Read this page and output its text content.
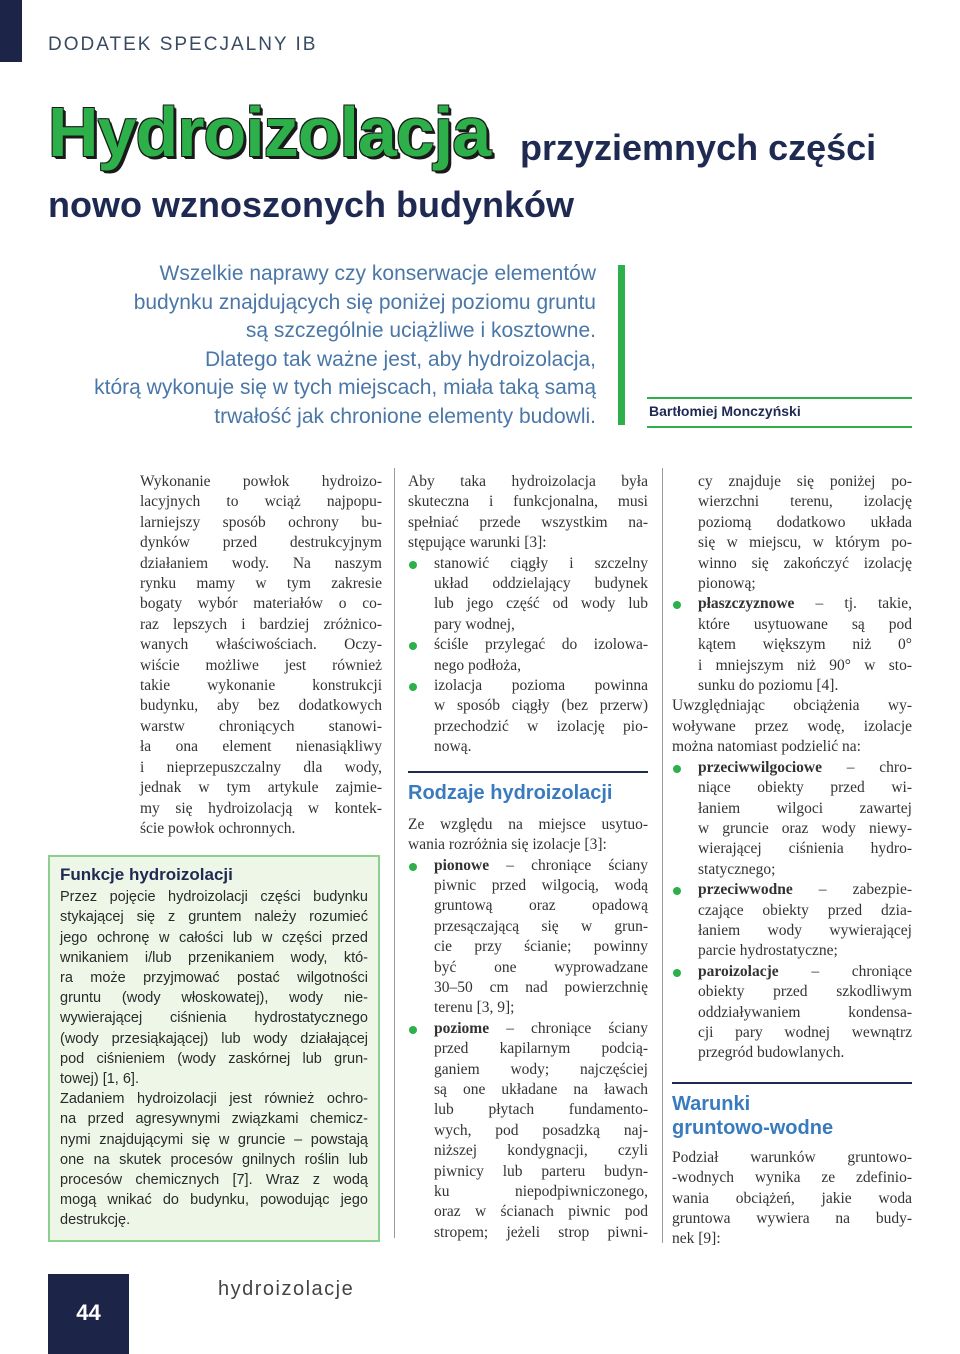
DODATEK SPECJALNY IB
Hydroizolacja przyziemnych części
nowo wznoszonych budynków
Wszelkie naprawy czy konserwacje elementów
budynku znajdujących się poniżej poziomu gruntu
są szczególnie uciążliwe i kosztowne.
Dlatego tak ważne jest, aby hydroizolacja,
którą wykonuje się w tych miejscach, miała taką samą
trwałość jak chronione elementy budowli.	Bartłomiej Monczyński
Wykonanie powłok hydroizo-
lacyjnych to wciąż najpopu-
larniejszy sposób ochrony bu-
dynków przed destrukcyjnym
działaniem wody. Na naszym
rynku mamy w tym zakresie
bogaty wybór materiałów o co-
raz lepszych i bardziej zróżnico-
wanych właściwościach. Oczy-
wiście możliwe jest również
takie wykonanie konstrukcji
budynku, aby bez dodatkowych
warstw chroniących stanowi-
ła ona element nienasiąkliwy
i nieprzepuszczalny dla wody,
jednak w tym artykule zajmie-
my się hydroizolacją w kontek-
ście powłok ochronnych.
Funkcje hydroizolacji
Przez pojęcie hydroizolacji części budynku
stykającej się z gruntem należy rozumieć
jego ochronę w całości lub w części przed
wnikaniem i/lub przenikaniem wody, któ-
ra może przyjmować postać wilgotności
gruntu (wody włoskowatej), wody nie-
wywierającej ciśnienia hydrostatycznego
(wody przesiąkającej) lub wody działającej
pod ciśnieniem (wody zaskórnej lub grun-
towej) [1, 6].
Zadaniem hydroizolacji jest również ochro-
na przed agresywnymi związkami chemicz-
nymi znajdującymi się w gruncie – powstają
one na skutek procesów gnilnych roślin lub
procesów chemicznych [7]. Wraz z wodą
mogą wnikać do budynku, powodując jego
destrukcję.
Aby taka hydroizolacja była
skuteczna i funkcjonalna, musi
spełniać przede wszystkim na-
stępujące warunki [3]:
stanowić ciągły i szczelny
układ oddzielający budynek
lub jego część od wody lub
pary wodnej,
ściśle przylegać do izolowa-
nego podłoża,
izolacja pozioma powinna
w sposób ciągły (bez przerw)
przechodzić w izolację pio-
nową.
Rodzaje hydroizolacji
Ze względu na miejsce usytuo-
wania rozróżnia się izolacje [3]:
pionowe – chroniące ściany
piwnic przed wilgocią, wodą
gruntową oraz opadową
przesączającą się w grun-
cie przy ścianie; powinny
być one wyprowadzane
30–50 cm nad powierzchnię
terenu [3, 9];
poziome – chroniące ściany
przed kapilarnym podcią-
ganiem wody; najczęściej
są one układane na ławach
lub płytach fundamento-
wych, pod posadzką naj-
niższej kondygnacji, czyli
piwnicy lub parteru budyn-
ku niepodpiwniczonego,
oraz w ścianach piwnic pod
stropem; jeżeli strop piwni-
cy znajduje się poniżej po-
wierzchni terenu, izolację
poziomą dodatkowo układa
się w miejscu, w którym po-
winno się zakończyć izolację
pionową;
płaszczyznowe – tj. takie,
które usytuowane są pod
kątem większym niż 0°
i mniejszym niż 90° w sto-
sunku do poziomu [4].
Uwzględniając obciążenia wy-
woływane przez wodę, izolacje
można natomiast podzielić na:
przeciwwilgociowe – chro-
niące obiekty przed wi-
łaniem wilgoci zawartej
w gruncie oraz wody niewy-
wierającej ciśnienia hydro-
statycznego;
przeciwwodne – zabezpie-
czające obiekty przed dzia-
łaniem wody wywierającej
parcie hydrostatyczne;
paroizolacje – chroniące
obiekty przed szkodliwym
oddziaływaniem kondensa-
cji pary wodnej wewnątrz
przegród budowlanych.
Warunki
gruntowo-wodne
Podział warunków gruntowo-
-wodnych wynika ze zdefinio-
wania obciążeń, jakie woda
gruntowa wywiera na budy-
nek [9]:
44
hydroizolacje
